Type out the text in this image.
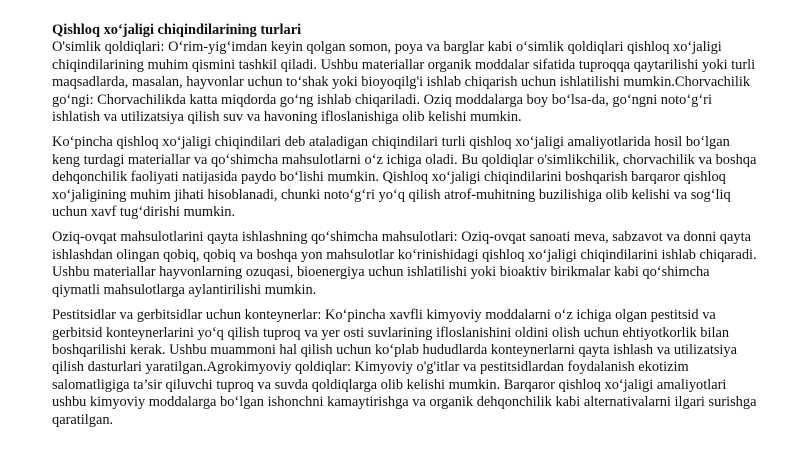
Qishloq xo‘jaligi chiqindilarining turlari

O'simlik qoldiqlari: O‘rim-yig‘imdan keyin qolgan somon, poya va barglar kabi o‘simlik qoldiqlari qishloq xo‘jaligi chiqindilarining muhim qismini tashkil qiladi. Ushbu materiallar organik moddalar sifatida tuproqqa qaytarilishi yoki turli maqsadlarda, masalan, hayvonlar uchun to‘shak yoki bioyoqilg'i ishlab chiqarish uchun ishlatilishi mumkin.Chorvachilik go‘ngi: Chorvachilikda katta miqdorda go‘ng ishlab chiqariladi. Oziq moddalarga boy bo‘lsa-da, go‘ngni noto‘g‘ri ishlatish va utilizatsiya qilish suv va havoning ifloslanishiga olib kelishi mumkin.

Ko‘pincha qishloq xo‘jaligi chiqindilari deb ataladigan chiqindilari turli qishloq xo‘jaligi amaliyotlarida hosil bo‘lgan keng turdagi materiallar va qo‘shimcha mahsulotlarni o‘z ichiga oladi. Bu qoldiqlar o'simlikchilik, chorvachilik va boshqa dehqonchilik faoliyati natijasida paydo bo‘lishi mumkin. Qishloq xo‘jaligi chiqindilarini boshqarish barqaror qishloq xo‘jaligining muhim jihati hisoblanadi, chunki noto‘g‘ri yo‘q qilish atrof-muhitning buzilishiga olib kelishi va sog‘liq uchun xavf tug‘dirishi mumkin.

Oziq-ovqat mahsulotlarini qayta ishlashning qo‘shimcha mahsulotlari: Oziq-ovqat sanoati meva, sabzavot va donni qayta ishlashdan olingan qobiq, qobiq va boshqa yon mahsulotlar ko‘rinishidagi qishloq xo‘jaligi chiqindilarini ishlab chiqaradi. Ushbu materiallar hayvonlarning ozuqasi, bioenergiya uchun ishlatilishi yoki bioaktiv birikmalar kabi qo‘shimcha qiymatli mahsulotlarga aylantirilishi mumkin.

Pestitsidlar va gerbitsidlar uchun konteynerlar: Ko‘pincha xavfli kimyoviy moddalarni o‘z ichiga olgan pestitsid va gerbitsid konteynerlarini yo‘q qilish tuproq va yer osti suvlarining ifloslanishini oldini olish uchun ehtiyotkorlik bilan boshqarilishi kerak. Ushbu muammoni hal qilish uchun ko‘plab hududlarda konteynerlarni qayta ishlash va utilizatsiya qilish dasturlari yaratilgan.Agrokimyoviy qoldiqlar: Kimyoviy o'g'itlar va pestitsidlardan foydalanish ekotizim salomatligiga ta’sir qiluvchi tuproq va suvda qoldiqlarga olib kelishi mumkin. Barqaror qishloq xo‘jaligi amaliyotlari ushbu kimyoviy moddalarga bo‘lgan ishonchni kamaytirishga va organik dehqonchilik kabi alternativalarni ilgari surishga qaratilgan.
